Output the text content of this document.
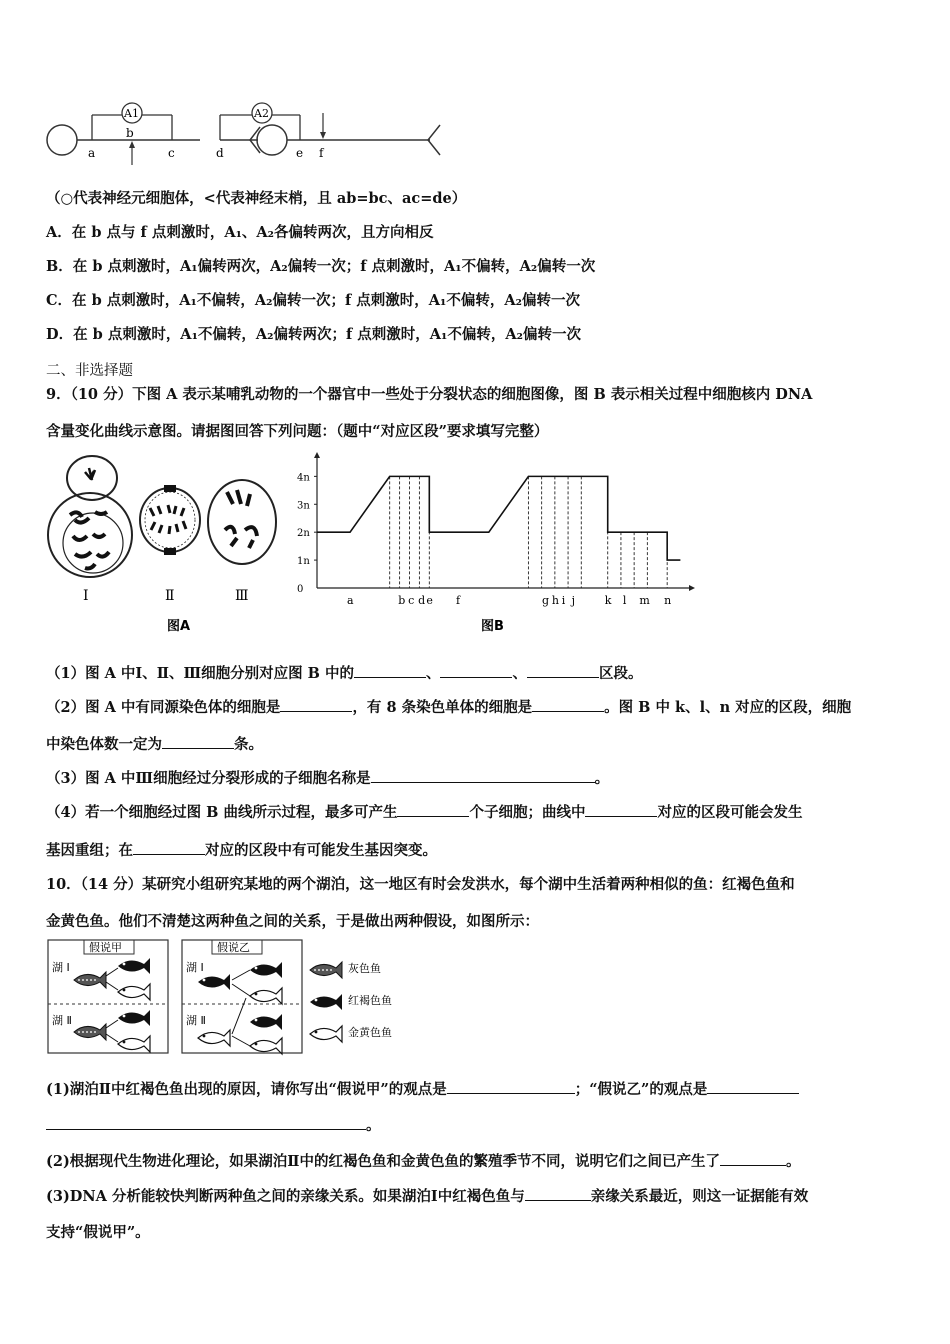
A1
b
A2
a	c	d	e f
（○代表神经元细胞体，<代表神经末梢，且 ab=bc、ac=de）
A．在 b 点与 f 点刺激时，A₁、A₂各偏转两次，且方向相反
B．在 b 点刺激时，A₁偏转两次，A₂偏转一次；f 点刺激时，A₁不偏转，A₂偏转一次
C．在 b 点刺激时，A₁不偏转，A₂偏转一次；f 点刺激时，A₁不偏转，A₂偏转一次
D．在 b 点刺激时，A₁不偏转，A₂偏转两次；f 点刺激时，A₁不偏转，A₂偏转一次
二、非选择题
9．（10 分）下图 A 表示某哺乳动物的一个器官中一些处于分裂状态的细胞图像，图 B 表示相关过程中细胞核内 DNA
含量变化曲线示意图。请据图回答下列问题：（题中“对应区段”要求填写完整）
Ⅰ	Ⅱ	Ⅲ
图A
0
1n
2n
3n
4n
a	b c d e f	g h i j	k l m n
图B
（1）图 A 中Ⅰ、Ⅱ、Ⅲ细胞分别对应图 B 中的	、	、	区段。
（2）图 A 中有同源染色体的细胞是	，有 8 条染色单体的细胞是	。图 B 中 k、l、n 对应的区段，细胞
中染色体数一定为	条。
（3）图 A 中Ⅲ细胞经过分裂形成的子细胞名称是	。
（4）若一个细胞经过图 B 曲线所示过程，最多可产生	个子细胞；曲线中	对应的区段可能会发生
基因重组；在	对应的区段中有可能发生基因突变。
10．（14 分）某研究小组研究某地的两个湖泊，这一地区有时会发洪水，每个湖中生活着两种相似的鱼：红褐色鱼和
金黄色鱼。他们不清楚这两种鱼之间的关系，于是做出两种假设，如图所示：
假说甲
湖 Ⅰ
湖 Ⅱ
假说乙
湖 Ⅰ
湖 Ⅱ
灰色鱼
红褐色鱼
金黄色鱼
(1)湖泊Ⅱ中红褐色鱼出现的原因，请你写出“假说甲”的观点是	；“假说乙”的观点是
。
(2)根据现代生物进化理论，如果湖泊Ⅱ中的红褐色鱼和金黄色鱼的繁殖季节不同，说明它们之间已产生了	。
(3)DNA 分析能较快判断两种鱼之间的亲缘关系。如果湖泊Ⅰ中红褐色鱼与	亲缘关系最近，则这一证据能有效
支持“假说甲”。
